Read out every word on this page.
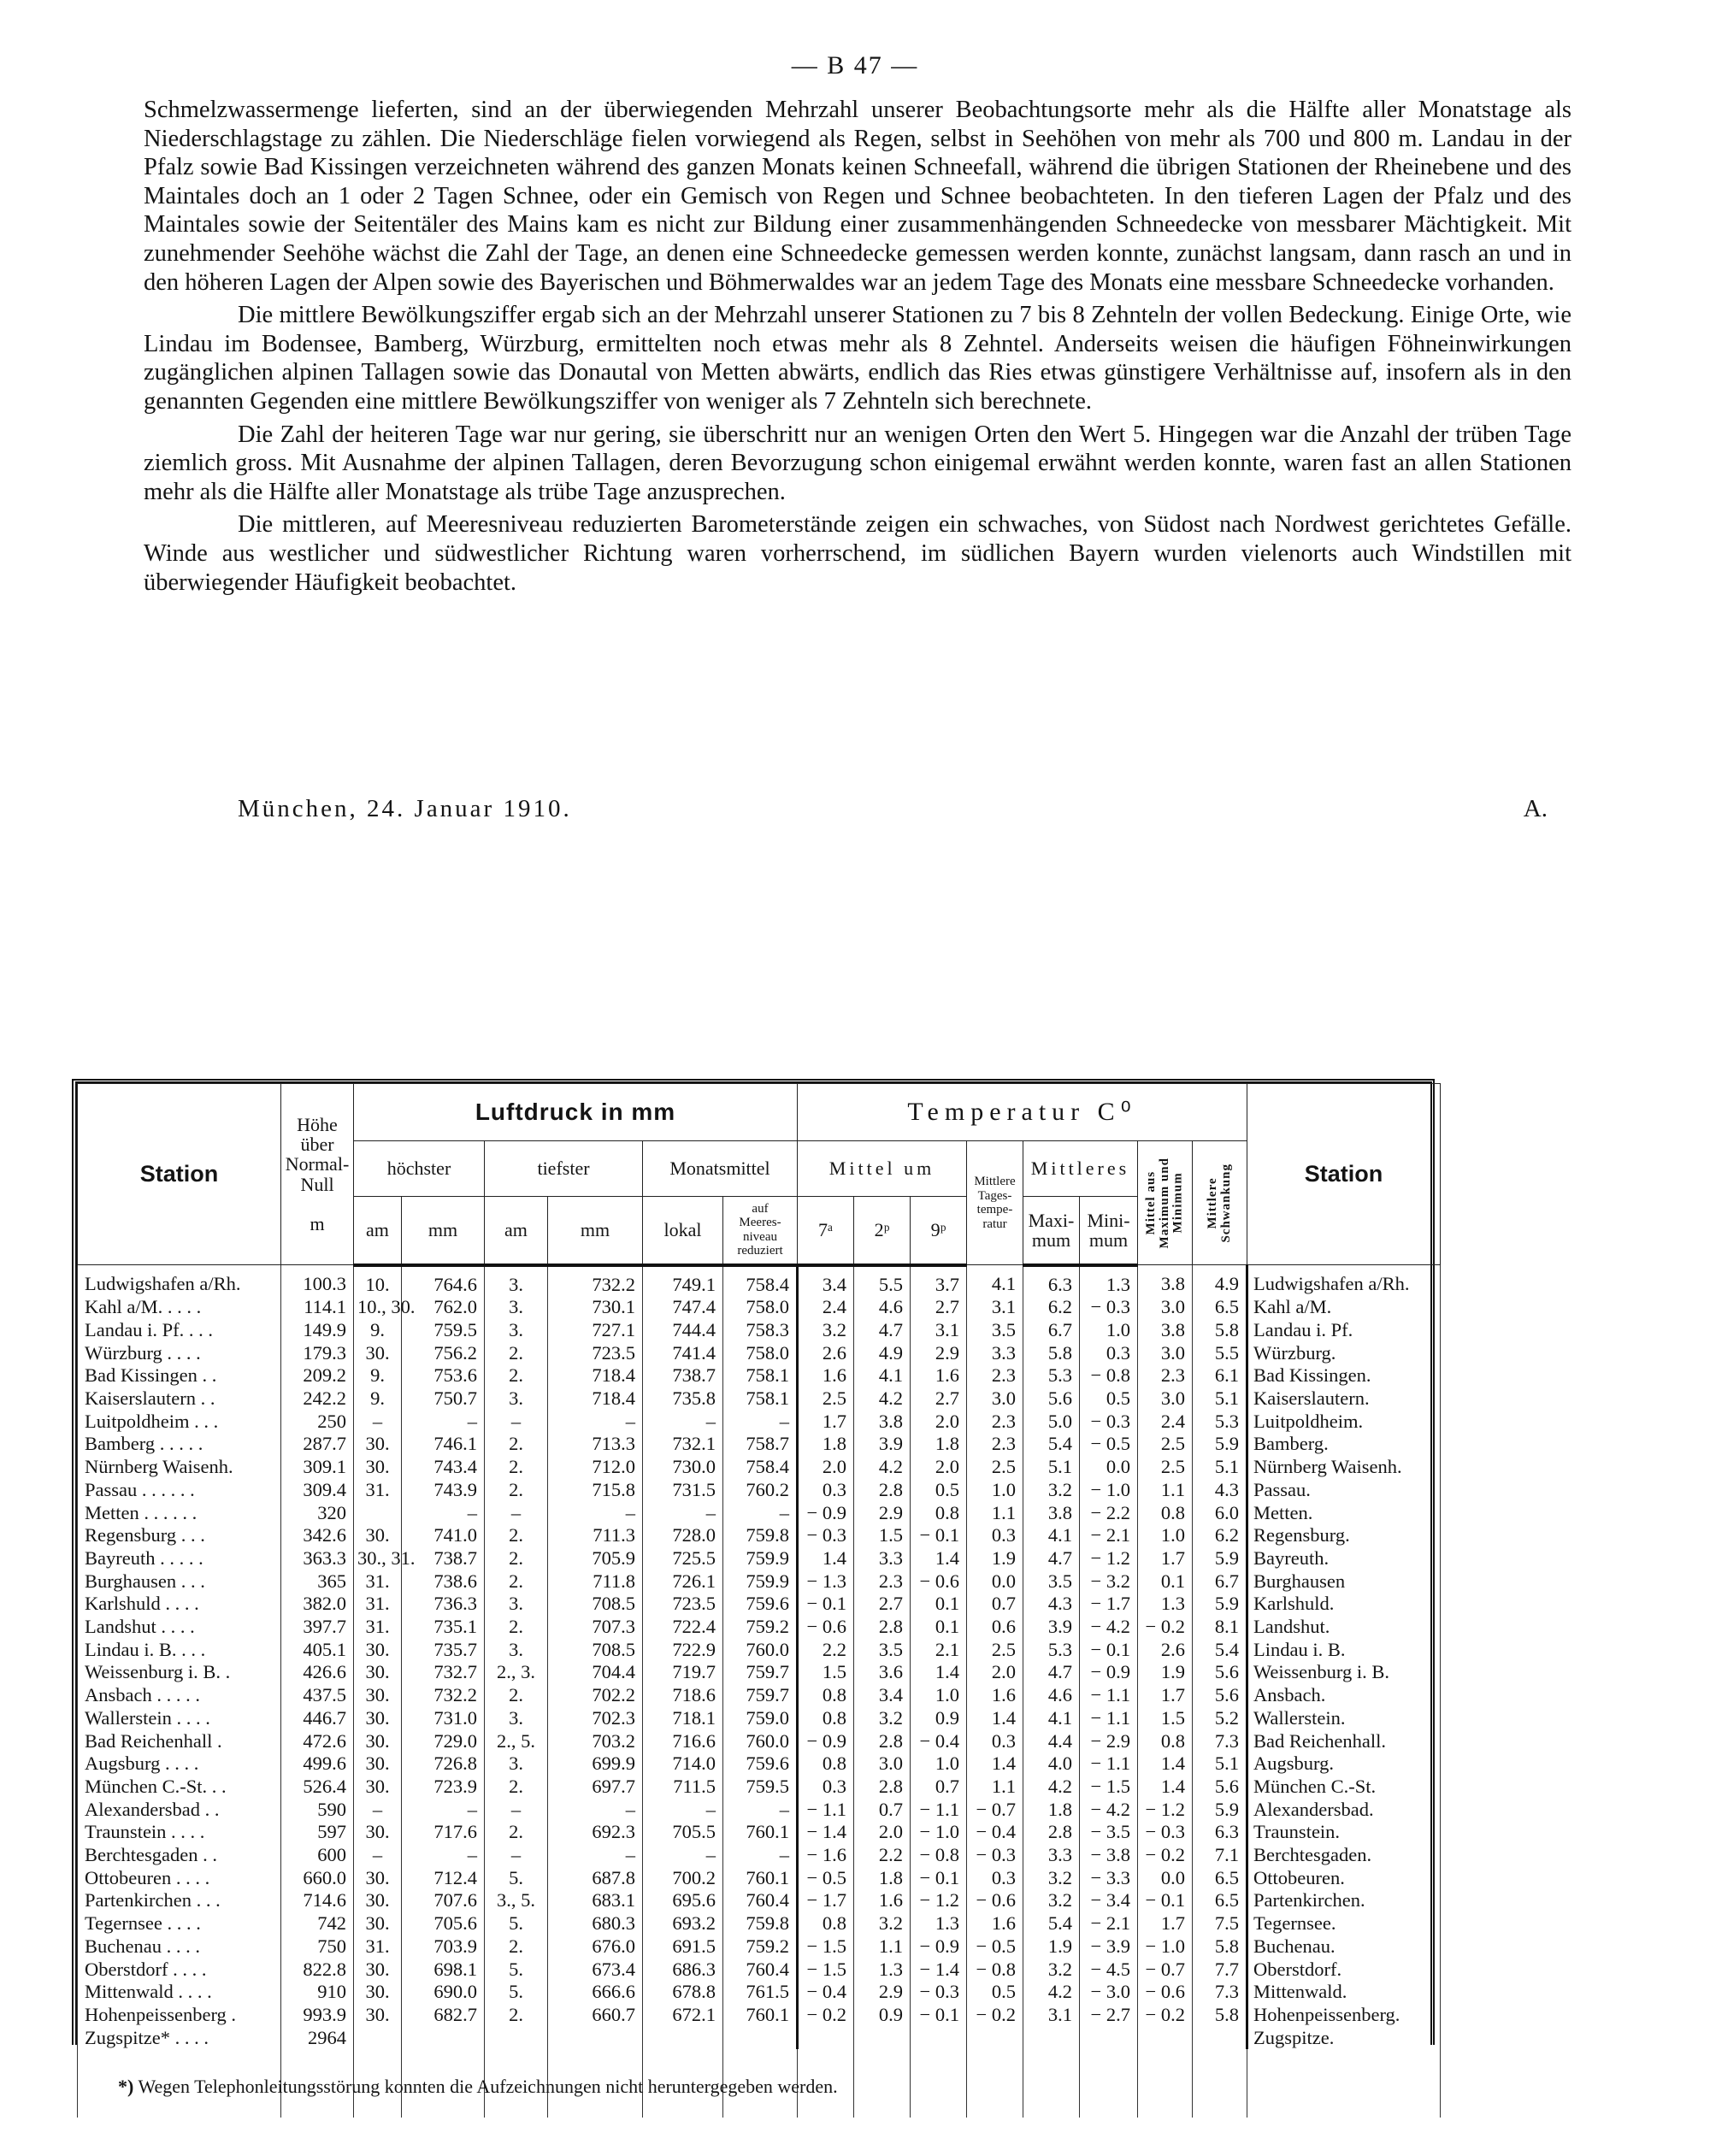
— B 47 —

Schmelzwassermenge lieferten, sind an der überwiegenden Mehrzahl unserer Beobachtungsorte mehr als die Hälfte aller Monatstage als Niederschlagstage zu zählen. Die Niederschläge fielen vorwiegend als Regen, selbst in Seehöhen von mehr als 700 und 800 m. Landau in der Pfalz sowie Bad Kissingen verzeichneten während des ganzen Monats keinen Schneefall, während die übrigen Stationen der Rheinebene und des Maintales doch an 1 oder 2 Tagen Schnee, oder ein Gemisch von Regen und Schnee beobachteten. In den tieferen Lagen der Pfalz und des Maintales sowie der Seitentäler des Mains kam es nicht zur Bildung einer zusammenhängenden Schneedecke von messbarer Mächtigkeit. Mit zunehmender Seehöhe wächst die Zahl der Tage, an denen eine Schneedecke gemessen werden konnte, zunächst langsam, dann rasch an und in den höheren Lagen der Alpen sowie des Bayerischen und Böhmerwaldes war an jedem Tage des Monats eine messbare Schneedecke vorhanden.

Die mittlere Bewölkungsziffer ergab sich an der Mehrzahl unserer Stationen zu 7 bis 8 Zehnteln der vollen Bedeckung. Einige Orte, wie Lindau im Bodensee, Bamberg, Würzburg, ermittelten noch etwas mehr als 8 Zehntel. Anderseits weisen die häufigen Föhneinwirkungen zugänglichen alpinen Tallagen sowie das Donautal von Metten abwärts, endlich das Ries etwas günstigere Verhältnisse auf, insofern als in den genannten Gegenden eine mittlere Bewölkungsziffer von weniger als 7 Zehnteln sich berechnete.

Die Zahl der heiteren Tage war nur gering, sie überschritt nur an wenigen Orten den Wert 5. Hingegen war die Anzahl der trüben Tage ziemlich gross. Mit Ausnahme der alpinen Tallagen, deren Bevorzugung schon einigemal erwähnt werden konnte, waren fast an allen Stationen mehr als die Hälfte aller Monatstage als trübe Tage anzusprechen.

Die mittleren, auf Meeresniveau reduzierten Barometerstände zeigen ein schwaches, von Südost nach Nordwest gerichtetes Gefälle. Winde aus westlicher und südwestlicher Richtung waren vorherrschend, im südlichen Bayern wurden vielenorts auch Windstillen mit überwiegender Häufigkeit beobachtet.

München, 24. Januar 1910.	A.
Station	Höhe
über
Normal-
Null

m	Luftdruck in mm						Temperatur C⁰								Station
		höchster		tiefster		Monatsmittel		Mittel um			Mittlere
Tages-
tempe-
ratur	Mittleres		Mittel aus
Maximum und
Minimum	Mittlere
Schwankung	

		am	mm	am	mm	lokal	auf
Meeres-
niveau
reduziert	7ᵃ	2ᵖ	9ᵖ		Maxi-
mum	Mini-
mum			
Ludwigshafen a/Rh.	100.3	10.	764.6	3.	732.2	749.1	758.4	3.4	5.5	3.7	4.1	6.3	1.3	3.8	4.9	Ludwigshafen a/Rh.
Kahl a/M. . . . .	114.1	10., 30.	762.0	3.	730.1	747.4	758.0	2.4	4.6	2.7	3.1	6.2	− 0.3	3.0	6.5	Kahl a/M.
Landau i. Pf. . . .	149.9	9.	759.5	3.	727.1	744.4	758.3	3.2	4.7	3.1	3.5	6.7	1.0	3.8	5.8	Landau i. Pf.
Würzburg . . . .	179.3	30.	756.2	2.	723.5	741.4	758.0	2.6	4.9	2.9	3.3	5.8	0.3	3.0	5.5	Würzburg.
Bad Kissingen . .	209.2	9.	753.6	2.	718.4	738.7	758.1	1.6	4.1	1.6	2.3	5.3	− 0.8	2.3	6.1	Bad Kissingen.
Kaiserslautern . .	242.2	9.	750.7	3.	718.4	735.8	758.1	2.5	4.2	2.7	3.0	5.6	0.5	3.0	5.1	Kaiserslautern.
Luitpoldheim . . .	250	–	–	–	–	–	–	1.7	3.8	2.0	2.3	5.0	− 0.3	2.4	5.3	Luitpoldheim.
Bamberg . . . . .	287.7	30.	746.1	2.	713.3	732.1	758.7	1.8	3.9	1.8	2.3	5.4	− 0.5	2.5	5.9	Bamberg.
Nürnberg Waisenh.	309.1	30.	743.4	2.	712.0	730.0	758.4	2.0	4.2	2.0	2.5	5.1	0.0	2.5	5.1	Nürnberg Waisenh.
Passau . . . . . .	309.4	31.	743.9	2.	715.8	731.5	760.2	0.3	2.8	0.5	1.0	3.2	− 1.0	1.1	4.3	Passau.
Metten . . . . . .	320		–	–	–	–	–	− 0.9	2.9	0.8	1.1	3.8	− 2.2	0.8	6.0	Metten.
Regensburg . . .	342.6	30.	741.0	2.	711.3	728.0	759.8	− 0.3	1.5	− 0.1	0.3	4.1	− 2.1	1.0	6.2	Regensburg.
Bayreuth . . . . .	363.3	30., 31.	738.7	2.	705.9	725.5	759.9	1.4	3.3	1.4	1.9	4.7	− 1.2	1.7	5.9	Bayreuth.
Burghausen . . .	365	31.	738.6	2.	711.8	726.1	759.9	− 1.3	2.3	− 0.6	0.0	3.5	− 3.2	0.1	6.7	Burghausen
Karlshuld . . . .	382.0	31.	736.3	3.	708.5	723.5	759.6	− 0.1	2.7	0.1	0.7	4.3	− 1.7	1.3	5.9	Karlshuld.
Landshut . . . .	397.7	31.	735.1	2.	707.3	722.4	759.2	− 0.6	2.8	0.1	0.6	3.9	− 4.2	− 0.2	8.1	Landshut.
Lindau i. B. . . .	405.1	30.	735.7	3.	708.5	722.9	760.0	2.2	3.5	2.1	2.5	5.3	− 0.1	2.6	5.4	Lindau i. B.
Weissenburg i. B. .	426.6	30.	732.7	2., 3.	704.4	719.7	759.7	1.5	3.6	1.4	2.0	4.7	− 0.9	1.9	5.6	Weissenburg i. B.
Ansbach . . . . .	437.5	30.	732.2	2.	702.2	718.6	759.7	0.8	3.4	1.0	1.6	4.6	− 1.1	1.7	5.6	Ansbach.
Wallerstein . . . .	446.7	30.	731.0	3.	702.3	718.1	759.0	0.8	3.2	0.9	1.4	4.1	− 1.1	1.5	5.2	Wallerstein.
Bad Reichenhall .	472.6	30.	729.0	2., 5.	703.2	716.6	760.0	− 0.9	2.8	− 0.4	0.3	4.4	− 2.9	0.8	7.3	Bad Reichenhall.
Augsburg . . . .	499.6	30.	726.8	3.	699.9	714.0	759.6	0.8	3.0	1.0	1.4	4.0	− 1.1	1.4	5.1	Augsburg.
München C.-St. . .	526.4	30.	723.9	2.	697.7	711.5	759.5	0.3	2.8	0.7	1.1	4.2	− 1.5	1.4	5.6	München C.-St.
Alexandersbad . .	590	–	–	–	–	–	–	− 1.1	0.7	− 1.1	− 0.7	1.8	− 4.2	− 1.2	5.9	Alexandersbad.
Traunstein . . . .	597	30.	717.6	2.	692.3	705.5	760.1	− 1.4	2.0	− 1.0	− 0.4	2.8	− 3.5	− 0.3	6.3	Traunstein.
Berchtesgaden . .	600	–	–	–	–	–	–	− 1.6	2.2	− 0.8	− 0.3	3.3	− 3.8	− 0.2	7.1	Berchtesgaden.
Ottobeuren . . . .	660.0	30.	712.4	5.	687.8	700.2	760.1	− 0.5	1.8	− 0.1	0.3	3.2	− 3.3	0.0	6.5	Ottobeuren.
Partenkirchen . . .	714.6	30.	707.6	3., 5.	683.1	695.6	760.4	− 1.7	1.6	− 1.2	− 0.6	3.2	− 3.4	− 0.1	6.5	Partenkirchen.
Tegernsee . . . .	742	30.	705.6	5.	680.3	693.2	759.8	0.8	3.2	1.3	1.6	5.4	− 2.1	1.7	7.5	Tegernsee.
Buchenau . . . .	750	31.	703.9	2.	676.0	691.5	759.2	− 1.5	1.1	− 0.9	− 0.5	1.9	− 3.9	− 1.0	5.8	Buchenau.
Oberstdorf . . . .	822.8	30.	698.1	5.	673.4	686.3	760.4	− 1.5	1.3	− 1.4	− 0.8	3.2	− 4.5	− 0.7	7.7	Oberstdorf.
Mittenwald . . . .	910	30.	690.0	5.	666.6	678.8	761.5	− 0.4	2.9	− 0.3	0.5	4.2	− 3.0	− 0.6	7.3	Mittenwald.
Hohenpeissenberg .	993.9	30.	682.7	2.	660.7	672.1	760.1	− 0.2	0.9	− 0.1	− 0.2	3.1	− 2.7	− 0.2	5.8	Hohenpeissenberg.
Zugspitze* . . . .	2964															Zugspitze.

*) Wegen Telephonleitungsstörung konnten die Aufzeichnungen nicht heruntergegeben werden.
